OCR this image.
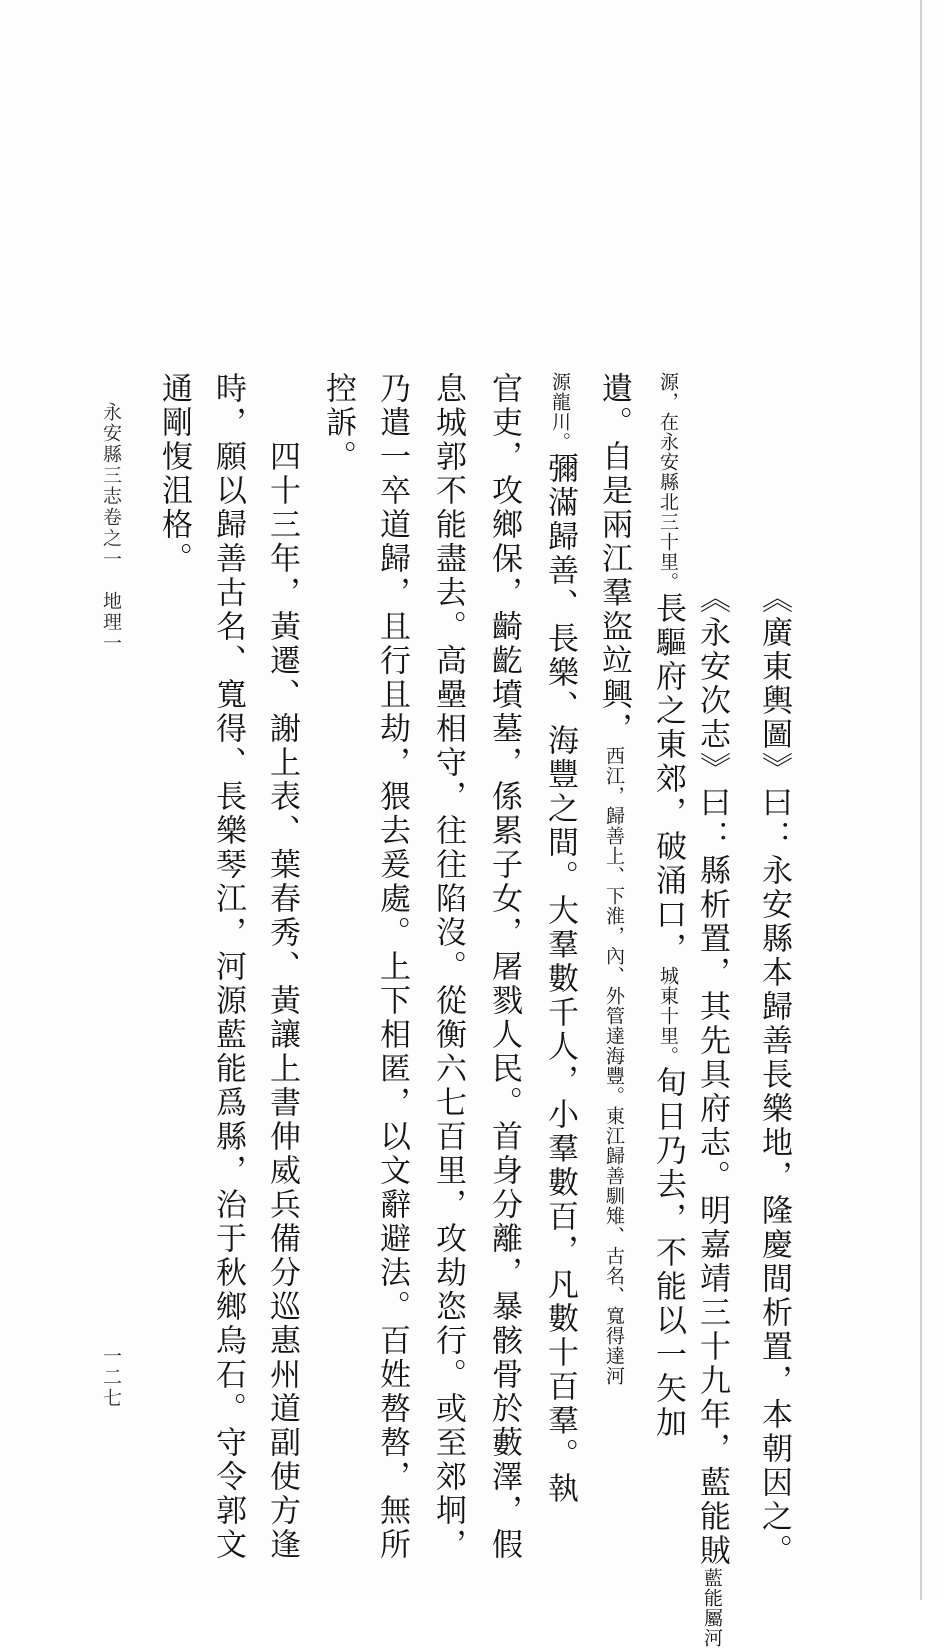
《廣東輿圖》曰：永安縣本歸善長樂地，隆慶間析置，本朝因之。
《永安次志》曰：縣析置，其先具府志。明嘉靖三十九年，藍能賊藍能屬河
源，在永安縣北三十里。長驅府之東郊，破涌口，城東十里。旬日乃去，不能以一矢加
遺。自是兩江羣盜竝興，西江，歸善上、下淮，內、外管達海豐。東江歸善馴雉、古名、寬得達河
源龍川。彌滿歸善、長樂、海豐之間。大羣數千人，小羣數百，凡數十百羣。執
官吏，攻鄉保，齮齕墳墓，係累子女，屠戮人民。首身分離，暴骸骨於藪澤，假
息城郭不能盡去。高壘相守，往往陷沒。從衡六七百里，攻劫恣行。或至郊坰，
乃遣一卒道歸，且行且劫，猥去爰處。上下相匿，以文辭避法。百姓嗸嗸，無所
控訴。
　　四十三年，黃遷、謝上表、葉春秀、黃讓上書伸威兵備分巡惠州道副使方逢
時，願以歸善古名、寬得、長樂琴江，河源藍能爲縣，治于秋鄉烏石。守令郭文
通剛愎沮格。
永安縣三志卷之一　地理一
一二七
